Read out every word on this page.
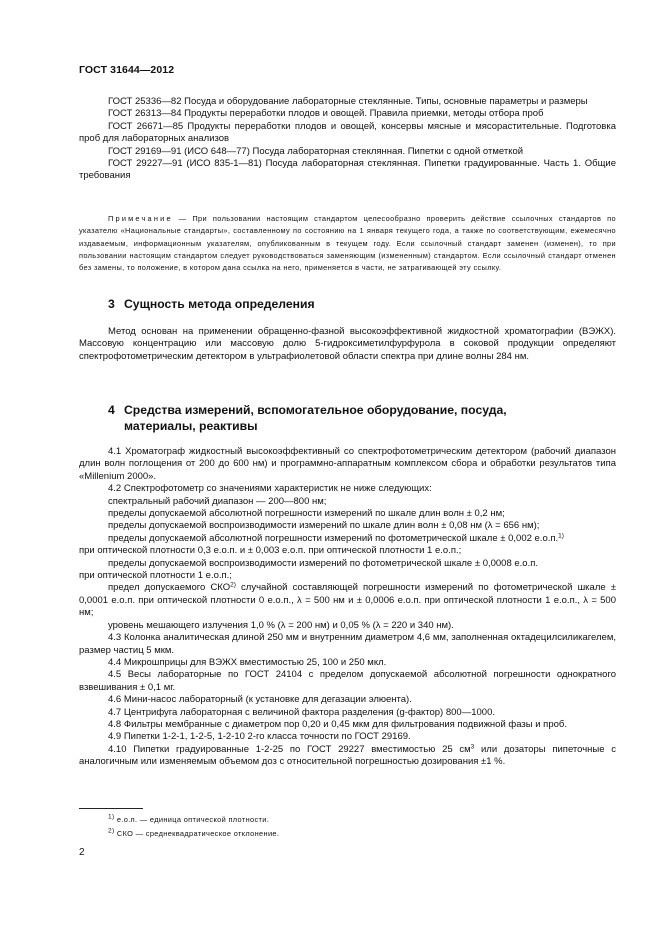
ГОСТ 31644—2012

ГОСТ 25336—82 Посуда и оборудование лабораторные стеклянные. Типы, основные параметры и размеры

ГОСТ 26313—84 Продукты переработки плодов и овощей. Правила приемки, методы отбора проб

ГОСТ 26671—85 Продукты переработки плодов и овощей, консервы мясные и мясорастительные. Подготовка проб для лабораторных анализов

ГОСТ 29169—91 (ИСО 648—77) Посуда лабораторная стеклянная. Пипетки с одной отметкой

ГОСТ 29227—91 (ИСО 835-1—81) Посуда лабораторная стеклянная. Пипетки градуированные. Часть 1. Общие требования

Примечание — При пользовании настоящим стандартом целесообразно проверить действие ссылочных стандартов по указателю «Национальные стандарты», составленному по состоянию на 1 января текущего года, а также по соответствующим, ежемесячно издаваемым, информационным указателям, опубликованным в текущем году. Если ссылочный стандарт заменен (изменен), то при пользовании настоящим стандартом следует руководствоваться заменяющим (измененным) стандартом. Если ссылочный стандарт отменен без замены, то положение, в котором дана ссылка на него, применяется в части, не затрагивающей эту ссылку.

3 Сущность метода определения

Метод основан на применении обращенно-фазной высокоэффективной жидкостной хроматографии (ВЭЖХ). Массовую концентрацию или массовую долю 5-гидроксиметилфурфурола в соковой продукции определяют спектрофотометрическим детектором в ультрафиолетовой области спектра при длине волны 284 нм.

4 Средства измерений, вспомогательное оборудование, посуда,
материалы, реактивы

4.1 Хроматограф жидкостный высокоэффективный со спектрофотометрическим детектором (рабочий диапазон длин волн поглощения от 200 до 600 нм) и программно-аппаратным комплексом сбора и обработки результатов типа «Millenium 2000».

4.2 Спектрофотометр со значениями характеристик не ниже следующих:

спектральный рабочий диапазон — 200—800 нм;

пределы допускаемой абсолютной погрешности измерений по шкале длин волн ± 0,2 нм;

пределы допускаемой воспроизводимости измерений по шкале длин волн ± 0,08 нм (λ = 656 нм);

пределы допускаемой абсолютной погрешности измерений по фотометрической шкале ± 0,002 е.о.п.$^{1)}$

при оптической плотности 0,3 е.о.п. и ± 0,003 е.о.п. при оптической плотности 1 е.о.п.;

пределы допускаемой воспроизводимости измерений по фотометрической шкале ± 0,0008 е.о.п.

при оптической плотности 1 е.о.п.;

предел допускаемого СКО$^{2)}$ случайной составляющей погрешности измерений по фотометрической шкале ± 0,0001 е.о.п. при оптической плотности 0 е.о.п., λ = 500 нм и ± 0,0006 е.о.п. при оптической плотности 1 е.о.п., λ = 500 нм;

уровень мешающего излучения 1,0 % (λ = 200 нм) и 0,05 % (λ = 220 и 340 нм).

4.3 Колонка аналитическая длиной 250 мм и внутренним диаметром 4,6 мм, заполненная октадецилсиликагелем, размер частиц 5 мкм.

4.4 Микрошприцы для ВЭЖХ вместимостью 25, 100 и 250 мкл.

4.5 Весы лабораторные по ГОСТ 24104 с пределом допускаемой абсолютной погрешности однократного взвешивания ± 0,1 мг.

4.6 Мини-насос лабораторный (к установке для дегазации элюента).

4.7 Центрифуга лабораторная с величиной фактора разделения (g-фактор) 800—1000.

4.8 Фильтры мембранные с диаметром пор 0,20 и 0,45 мкм для фильтрования подвижной фазы и проб.

4.9 Пипетки 1-2-1, 1-2-5, 1-2-10 2-го класса точности по ГОСТ 29169.

4.10 Пипетки градуированные 1-2-25 по ГОСТ 29227 вместимостью 25 $см^3$ или дозаторы пипеточные с аналогичным или изменяемым объемом доз с относительной погрешностью дозирования ±1 %.

$^{1)}$ е.о.п. — единица оптической плотности.

$^{2)}$ СКО — среднеквадратическое отклонение.

2
